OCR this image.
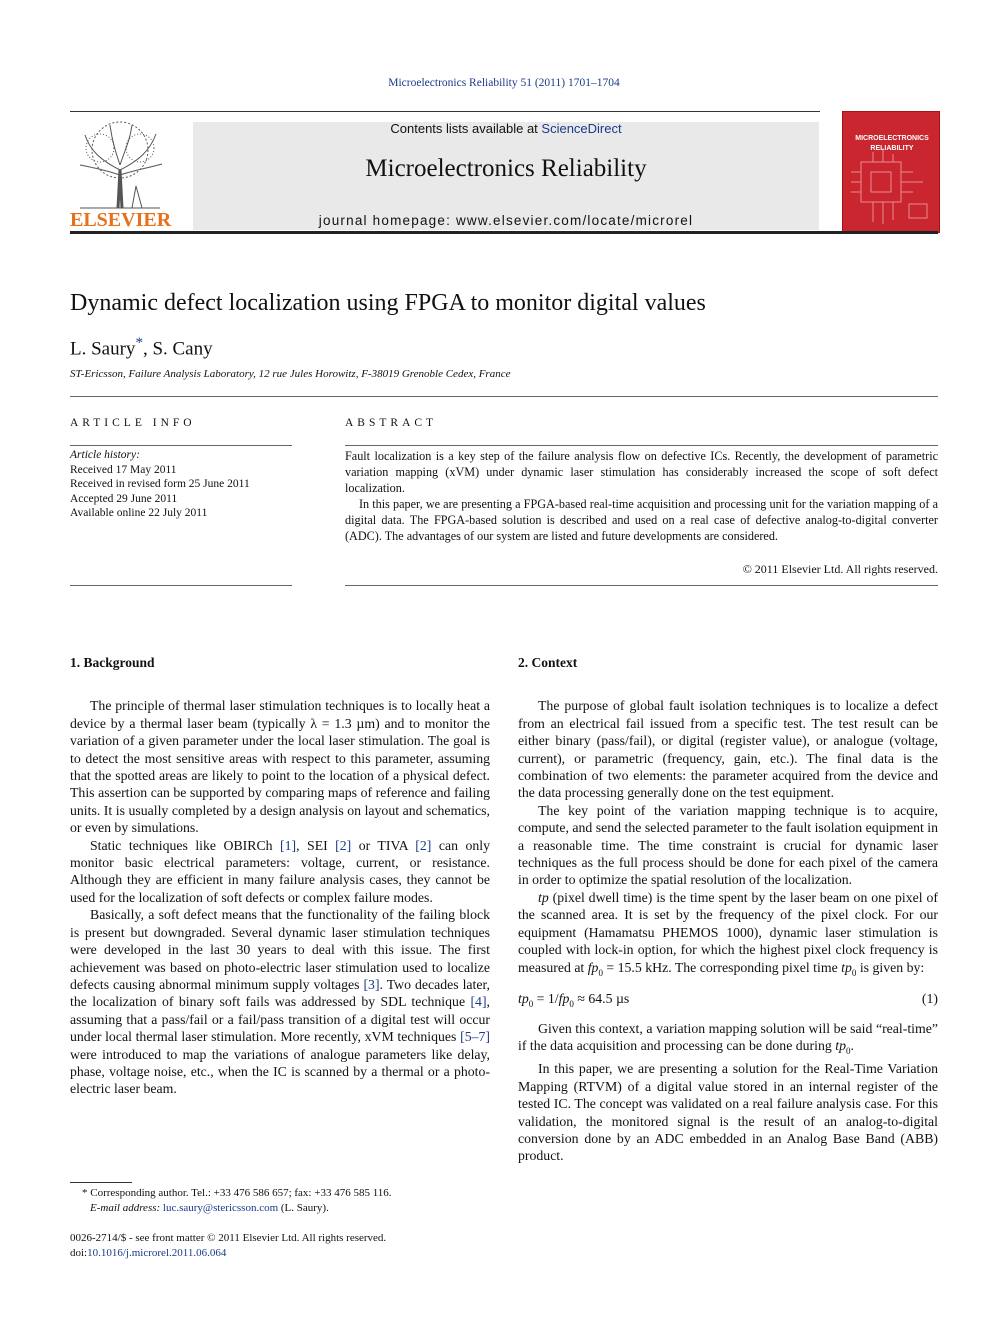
Microelectronics Reliability 51 (2011) 1701–1704
ELSEVIER
Contents lists available at ScienceDirect
Microelectronics Reliability
journal homepage: www.elsevier.com/locate/microrel
MICROELECTRONICS
RELIABILITY
Dynamic defect localization using FPGA to monitor digital values
L. Saury*, S. Cany
ST-Ericsson, Failure Analysis Laboratory, 12 rue Jules Horowitz, F-38019 Grenoble Cedex, France
ARTICLE INFO
Article history:
Received 17 May 2011
Received in revised form 25 June 2011
Accepted 29 June 2011
Available online 22 July 2011
ABSTRACT

Fault localization is a key step of the failure analysis flow on defective ICs. Recently, the development of parametric variation mapping (xVM) under dynamic laser stimulation has considerably increased the scope of soft defect localization.

In this paper, we are presenting a FPGA-based real-time acquisition and processing unit for the variation mapping of a digital data. The FPGA-based solution is described and used on a real case of defective analog-to-digital converter (ADC). The advantages of our system are listed and future developments are considered.

© 2011 Elsevier Ltd. All rights reserved.
1. Background

The principle of thermal laser stimulation techniques is to locally heat a device by a thermal laser beam (typically λ = 1.3 µm) and to monitor the variation of a given parameter under the local laser stimulation. The goal is to detect the most sensitive areas with respect to this parameter, assuming that the spotted areas are likely to point to the location of a physical defect. This assertion can be supported by comparing maps of reference and failing units. It is usually completed by a design analysis on layout and schematics, or even by simulations.

Static techniques like OBIRCh [1], SEI [2] or TIVA [2] can only monitor basic electrical parameters: voltage, current, or resistance. Although they are efficient in many failure analysis cases, they cannot be used for the localization of soft defects or complex failure modes.

Basically, a soft defect means that the functionality of the failing block is present but downgraded. Several dynamic laser stimulation techniques were developed in the last 30 years to deal with this issue. The first achievement was based on photo-electric laser stimulation used to localize defects causing abnormal minimum supply voltages [3]. Two decades later, the localization of binary soft fails was addressed by SDL technique [4], assuming that a pass/fail or a fail/pass transition of a digital test will occur under local thermal laser stimulation. More recently, xVM techniques [5–7] were introduced to map the variations of analogue parameters like delay, phase, voltage noise, etc., when the IC is scanned by a thermal or a photo-electric laser beam.

2. Context

The purpose of global fault isolation techniques is to localize a defect from an electrical fail issued from a specific test. The test result can be either binary (pass/fail), or digital (register value), or analogue (voltage, current), or parametric (frequency, gain, etc.). The final data is the combination of two elements: the parameter acquired from the device and the data processing generally done on the test equipment.

The key point of the variation mapping technique is to acquire, compute, and send the selected parameter to the fault isolation equipment in a reasonable time. The time constraint is crucial for dynamic laser techniques as the full process should be done for each pixel of the camera in order to optimize the spatial resolution of the localization.

tp (pixel dwell time) is the time spent by the laser beam on one pixel of the scanned area. It is set by the frequency of the pixel clock. For our equipment (Hamamatsu PHEMOS 1000), dynamic laser stimulation is coupled with lock-in option, for which the highest pixel clock frequency is measured at $fp_0 = 15.5$ kHz. The corresponding pixel time $tp_0$ is given by:

$tp_0 = 1/fp_0 \approx 64.5$ µs	(1)

Given this context, a variation mapping solution will be said “real-time” if the data acquisition and processing can be done during $tp_0$.

In this paper, we are presenting a solution for the Real-Time Variation Mapping (RTVM) of a digital value stored in an internal register of the tested IC. The concept was validated on a real failure analysis case. For this validation, the monitored signal is the result of an analog-to-digital conversion done by an ADC embedded in an Analog Base Band (ABB) product.

* Corresponding author. Tel.: +33 476 586 657; fax: +33 476 585 116.
E-mail address: luc.saury@stericsson.com (L. Saury).
0026-2714/$ - see front matter © 2011 Elsevier Ltd. All rights reserved.
doi:10.1016/j.microrel.2011.06.064
